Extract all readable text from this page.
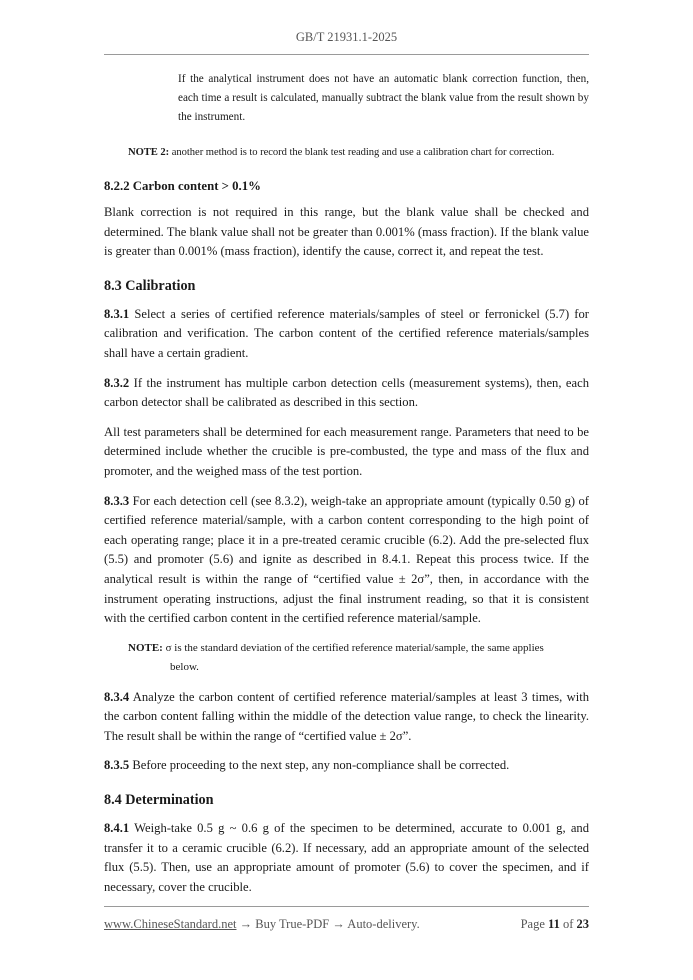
GB/T 21931.1-2025

If the analytical instrument does not have an automatic blank correction function, then, each time a result is calculated, manually subtract the blank value from the result shown by the instrument.

NOTE 2: another method is to record the blank test reading and use a calibration chart for correction.

8.2.2 Carbon content > 0.1%

Blank correction is not required in this range, but the blank value shall be checked and determined. The blank value shall not be greater than 0.001% (mass fraction). If the blank value is greater than 0.001% (mass fraction), identify the cause, correct it, and repeat the test.

8.3 Calibration

8.3.1 Select a series of certified reference materials/samples of steel or ferronickel (5.7) for calibration and verification. The carbon content of the certified reference materials/samples shall have a certain gradient.

8.3.2 If the instrument has multiple carbon detection cells (measurement systems), then, each carbon detector shall be calibrated as described in this section.

All test parameters shall be determined for each measurement range. Parameters that need to be determined include whether the crucible is pre-combusted, the type and mass of the flux and promoter, and the weighed mass of the test portion.

8.3.3 For each detection cell (see 8.3.2), weigh-take an appropriate amount (typically 0.50 g) of certified reference material/sample, with a carbon content corresponding to the high point of each operating range; place it in a pre-treated ceramic crucible (6.2). Add the pre-selected flux (5.5) and promoter (5.6) and ignite as described in 8.4.1. Repeat this process twice. If the analytical result is within the range of “certified value ± 2σ”, then, in accordance with the instrument operating instructions, adjust the final instrument reading, so that it is consistent with the certified carbon content in the certified reference material/sample.

NOTE: σ is the standard deviation of the certified reference material/sample, the same applies
below.

8.3.4 Analyze the carbon content of certified reference material/samples at least 3 times, with the carbon content falling within the middle of the detection value range, to check the linearity. The result shall be within the range of “certified value ± 2σ”.

8.3.5 Before proceeding to the next step, any non-compliance shall be corrected.

8.4 Determination

8.4.1 Weigh-take 0.5 g ~ 0.6 g of the specimen to be determined, accurate to 0.001 g, and transfer it to a ceramic crucible (6.2). If necessary, add an appropriate amount of the selected flux (5.5). Then, use an appropriate amount of promoter (5.6) to cover the specimen, and if necessary, cover the crucible.

www.ChineseStandard.net → Buy True-PDF → Auto-delivery.	Page 11 of 23
